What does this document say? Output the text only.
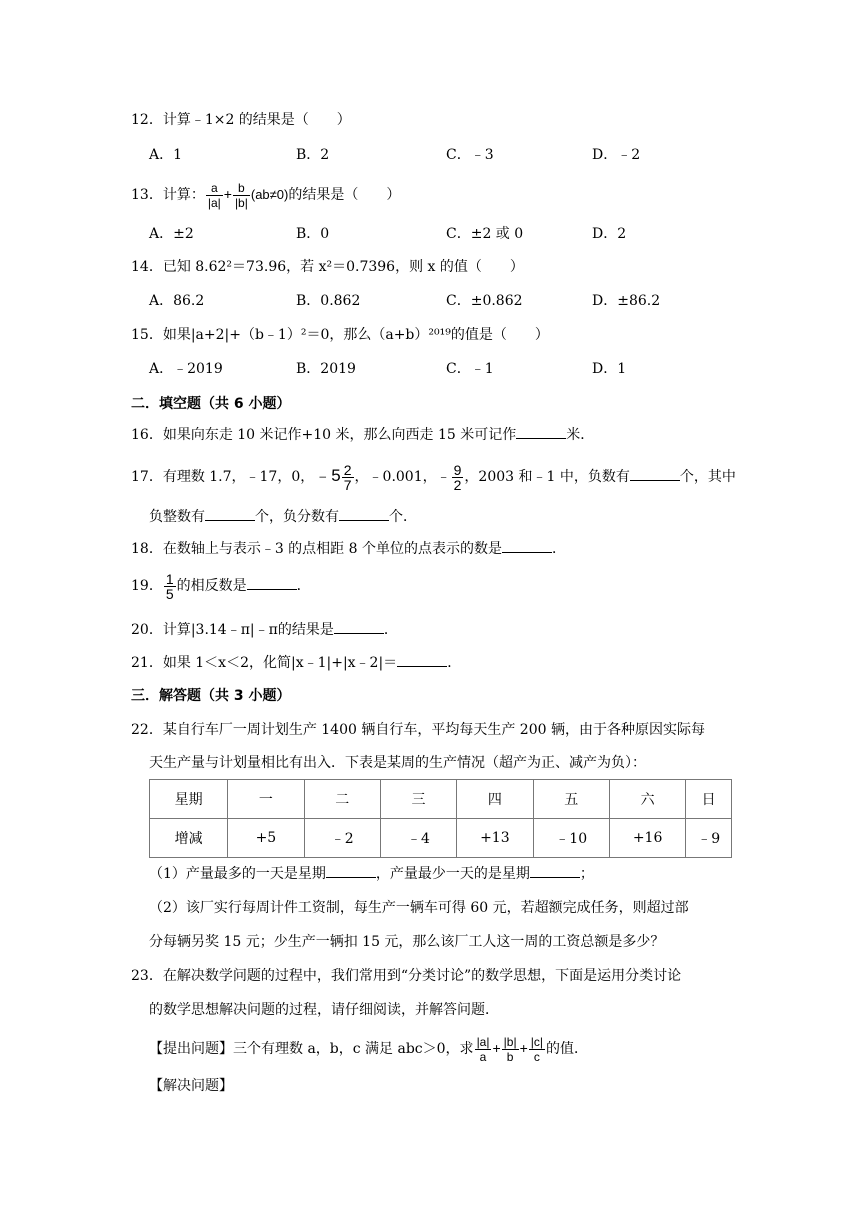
12．计算﹣1×2 的结果是（　　）
A．1	B．2	C．﹣3	D．﹣2
13．计算： $\frac{a}{|a|} + \frac{b}{|b|} (ab\ne 0)$的结果是（　　）
A．±2	B．0	C．±2 或 0	D．2
14．已知 8.62²＝73.96，若 x²＝0.7396，则 x 的值（　　）
A．86.2	B．0.862	C．±0.862	D．±86.2
15．如果|a+2|+（b﹣1）²＝0，那么（a+b）²⁰¹⁹的值是（　　）
A．﹣2019	B．2019	C．﹣1	D．1
二．填空题（共 6 小题）
16．如果向东走 10 米记作+10 米，那么向西走 15 米可记作	米．
17．有理数 1.7，﹣17，0，﹣5 $\frac{2}{7}$ ，﹣0.001，﹣ $\frac{9}{2}$ ，2003 和﹣1 中，负数有	个，其中
负整数有	个，负分数有	个．
18．在数轴上与表示﹣3 的点相距 8 个单位的点表示的数是	．
19． $\frac{1}{5}$ 的相反数是	．
20．计算|3.14﹣π|﹣π的结果是	．
21．如果 1＜x＜2，化简|x﹣1|+|x﹣2|＝	．
三．解答题（共 3 小题）
22．某自行车厂一周计划生产 1400 辆自行车，平均每天生产 200 辆，由于各种原因实际每
天生产量与计划量相比有出入．下表是某周的生产情况（超产为正、减产为负）：
星期	一	二	三	四	五	六	日
增减	+5	﹣2	﹣4	+13	﹣10	+16	﹣9
（1）产量最多的一天是星期	，产量最少一天的是星期	；
（2）该厂实行每周计件工资制，每生产一辆车可得 60 元，若超额完成任务，则超过部
分每辆另奖 15 元；少生产一辆扣 15 元，那么该厂工人这一周的工资总额是多少？
23．在解决数学问题的过程中，我们常用到“分类讨论”的数学思想，下面是运用分类讨论
的数学思想解决问题的过程，请仔细阅读，并解答问题．
【提出问题】三个有理数 a，b，c 满足 abc＞0，求 $\frac{|a|}{a} + \frac{|b|}{b} + \frac{|c|}{c}$ 的值．
【解决问题】
